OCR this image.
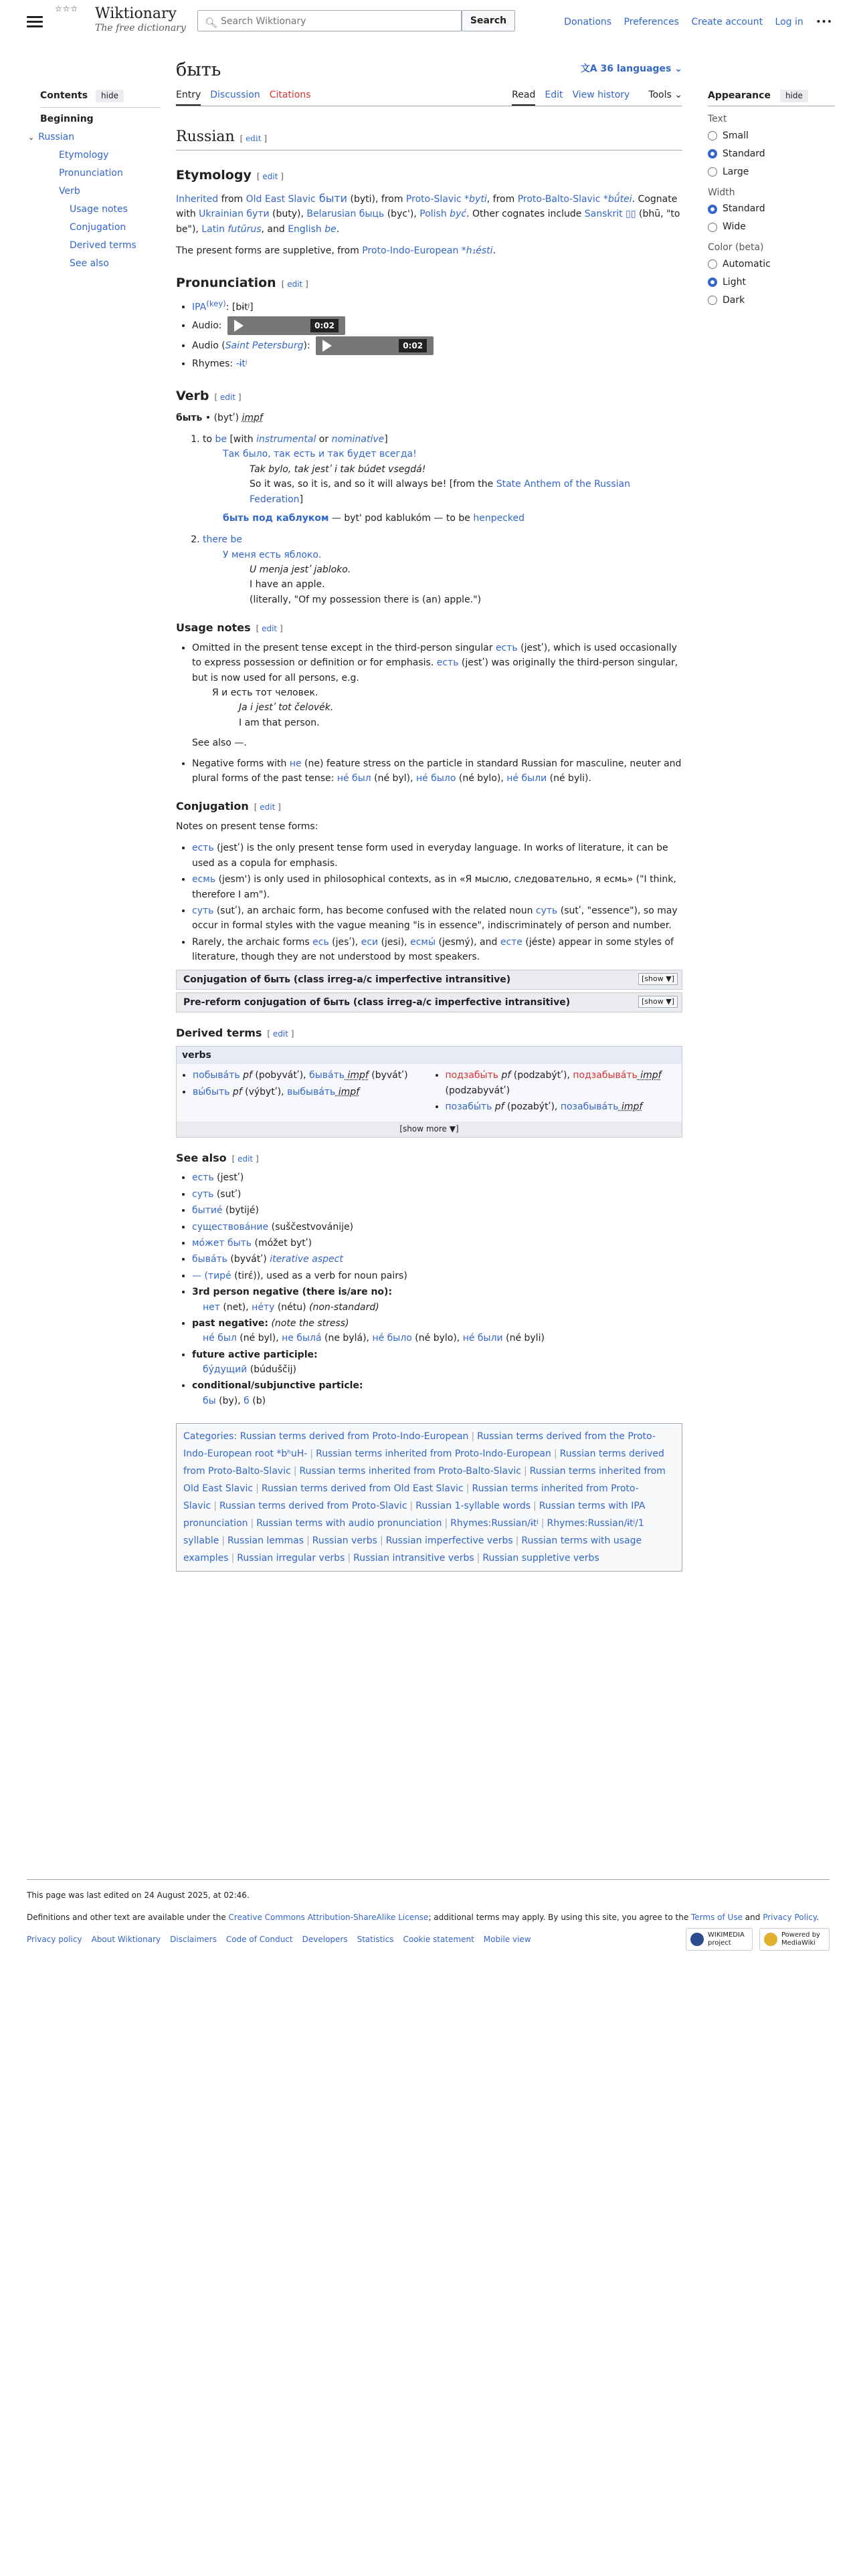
☆☆☆	Wiktionary
The free dictionary 🔍︎
Search Wiktionary	Search	Donations Preferences Create account Log in •••
Contents hide
Beginning
⌄ Russian
Etymology
Pronunciation
Verb
Usage notes
Conjugation
Derived terms
See also
Appearance hide
Text
Small
Standard
Large
Width
Standard
Wide
Color (beta)
Automatic
Light
Dark
быть	文A 36 languages ⌄
Entry Discussion Citations	Read Edit View history Tools ⌄
Russian [ edit ]
Etymology [ edit ]

Inherited from Old East Slavic быти (byti), from Proto-Slavic *byti, from Proto-Balto-Slavic *bū́tei. Cognate with Ukrainian бути (buty), Belarusian быць (byc'), Polish być. Other cognates include Sanskrit ▯▯ (bhū, "to be"), Latin futūrus, and English be.

The present forms are suppletive, from Proto-Indo-European *h₁ésti.

Pronunciation [ edit ]
• $IPA^{(key)}$: [bɨtʲ]
• Audio:	0:02
• Audio (Saint Petersburg):	0:02
• Rhymes: -ɨtʲ
Verb [ edit ]

быть • (bytʹ) impf

1. to be [with instrumental or nominative]
Так было, так есть и так будет всегда!
Tak bylo, tak jestʹ i tak búdet vsegdá!
So it was, so it is, and so it will always be! [from the State Anthem of the Russian Federation]
быть под каблуком — byt' pod kablukóm — to be henpecked
2. there be
У меня есть яблоко.
U menja jestʹ jabloko.
I have an apple.
(literally, "Of my possession there is (an) apple.")
Usage notes [ edit ]
• Omitted in the present tense except in the third-person singular есть (jestʹ), which is used occasionally to express possession or definition or for emphasis. есть (jestʹ) was originally the third-person singular, but is now used for all persons, e.g.
Я и есть тот человек.
Ja i jestʹ tot čelovék.
I am that person.
See also —.
• Negative forms with не (ne) feature stress on the particle in standard Russian for masculine, neuter and plural forms of the past tense: не́ был (né byl), не́ было (né bylo), не́ были (né byli).
Conjugation [ edit ]

Notes on present tense forms:

• есть (jestʹ) is the only present tense form used in everyday language. In works of literature, it can be used as a copula for emphasis.
• есмь (jesm') is only used in philosophical contexts, as in «Я мыслю, следовательно, я есмь» ("I think, therefore I am").
• суть (sutʹ), an archaic form, has become confused with the related noun суть (sutʹ, "essence"), so may occur in formal styles with the vague meaning "is in essence", indiscriminately of person and number.
• Rarely, the archaic forms есь (jesʹ), еси (jesi), есмы́ (jesmý), and есте (jéste) appear in some styles of literature, though they are not understood by most speakers.
Conjugation of быть (class irreg-a/c imperfective intransitive)	[show ▼]
Pre-reform conjugation of быть (class irreg-a/c imperfective intransitive)	[show ▼]
Derived terms [ edit ]
verbs
• побыва́ть pf (pobyvátʹ), быва́ть impf (byvátʹ)
• вы́быть pf (výbytʹ), выбыва́ть impf
• подзабы́ть pf (podzabýtʹ), подзабыва́ть impf (podzabyvátʹ)
• позабы́ть pf (pozabýtʹ), позабыва́ть impf
[show more ▼]
See also [ edit ]
• есть (jestʹ)
• суть (sutʹ)
• бытие́ (bytijé)
• существова́ние (suščestvovánije)
• мо́жет быть (móžet bytʹ)
• быва́ть (byvátʹ) iterative aspect
• — (тире́ (tirɛ́)), used as a verb for noun pairs)
• 3rd person negative (there is/are no):
нет (net), не́ту (nétu) (non-standard)
• past negative: (note the stress)
не́ был (né byl), не была́ (ne bylá), не́ было (né bylo), не́ были (né byli)
• future active participle:
бу́дущий (búduščij)
• conditional/subjunctive particle:
бы (by), б (b)
Categories: Russian terms derived from Proto-Indo-European | Russian terms derived from the Proto-Indo-European root *bʰuH- | Russian terms inherited from Proto-Indo-European | Russian terms derived from Proto-Balto-Slavic | Russian terms inherited from Proto-Balto-Slavic | Russian terms inherited from Old East Slavic | Russian terms derived from Old East Slavic | Russian terms inherited from Proto-Slavic | Russian terms derived from Proto-Slavic | Russian 1-syllable words | Russian terms with IPA pronunciation | Russian terms with audio pronunciation | Rhymes:Russian/ɨtʲ | Rhymes:Russian/ɨtʲ/1 syllable | Russian lemmas | Russian verbs | Russian imperfective verbs | Russian terms with usage examples | Russian irregular verbs | Russian intransitive verbs | Russian suppletive verbs

This page was last edited on 24 August 2025, at 02:46.

Definitions and other text are available under the Creative Commons Attribution-ShareAlike License; additional terms may apply. By using this site, you agree to the Terms of Use and Privacy Policy.

Privacy policy About Wiktionary Disclaimers Code of Conduct Developers Statistics Cookie statement Mobile view	WIKIMEDIA project
Powered by MediaWiki
